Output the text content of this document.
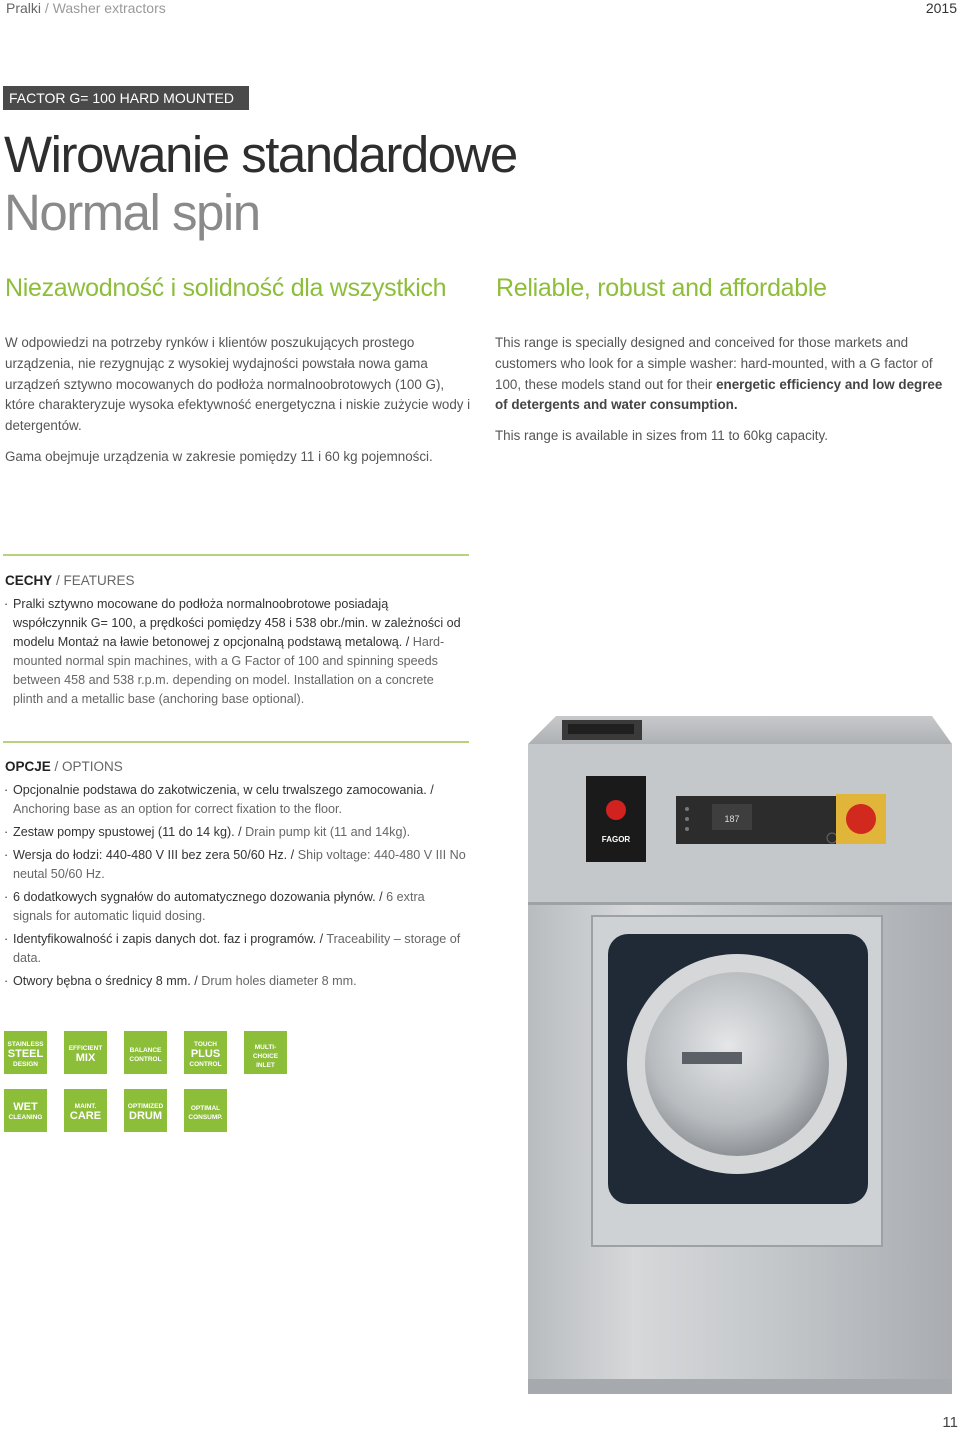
Pralki / Washer extractors	2015
FACTOR G= 100 HARD MOUNTED
Wirowanie standardowe
Normal spin
Niezawodność i solidność dla wszystkich Reliable, robust and affordable

W odpowiedzi na potrzeby rynków i klientów poszukujących prostego urządzenia, nie rezygnując z wysokiej wydajności powstała nowa gama urządzeń sztywno mocowanych do podłoża normalnoobrotowych (100 G), które charakteryzuje wysoka efektywność energetyczna i niskie zużycie wody i detergentów.

Gama obejmuje urządzenia w zakresie pomiędzy 11 i 60 kg pojemności.

This range is specially designed and conceived for those markets and customers who look for a simple washer: hard-mounted, with a G factor of 100, these models stand out for their energetic efficiency and low degree of detergents and water consumption.

This range is available in sizes from 11 to 60kg capacity.

CECHY / FEATURES
· Pralki sztywno mocowane do podłoża normalnoobrotowe posiadają współczynnik G= 100, a prędkości pomiędzy 458 i 538 obr./min. w zależności od modelu Montaż na ławie betonowej z opcjonalną podstawą metalową. / Hard-mounted normal spin machines, with a G Factor of 100 and spinning speeds between 458 and 538 r.p.m. depending on model. Installation on a concrete plinth and a metallic base (anchoring base optional).
OPCJE / OPTIONS
· Opcjonalnie podstawa do zakotwiczenia, w celu trwalszego zamocowania. / Anchoring base as an option for correct fixation to the floor.
· Zestaw pompy spustowej (11 do 14 kg). / Drain pump kit (11 and 14kg).
· Wersja do łodzi: 440-480 V III bez zera 50/60 Hz. / Ship voltage: 440-480 V III No neutal 50/60 Hz.
· 6 dodatkowych sygnałów do automatycznego dozowania płynów. / 6 extra signals for automatic liquid dosing.
· Identyfikowalność i zapis danych dot. faz i programów. / Traceability – storage of data.
· Otwory bębna o średnicy 8 mm. / Drum holes diameter 8 mm.
STAINLESS
STEEL
DESIGN
EFFICIENT
MIX
BALANCE
CONTROL
TOUCH
PLUS
CONTROL
MULTI-
CHOICE INLET
WET
CLEANING
MAINT.
CARE
OPTIMIZED
DRUM
OPTIMAL
CONSUMP.
FAGOR
187
11
